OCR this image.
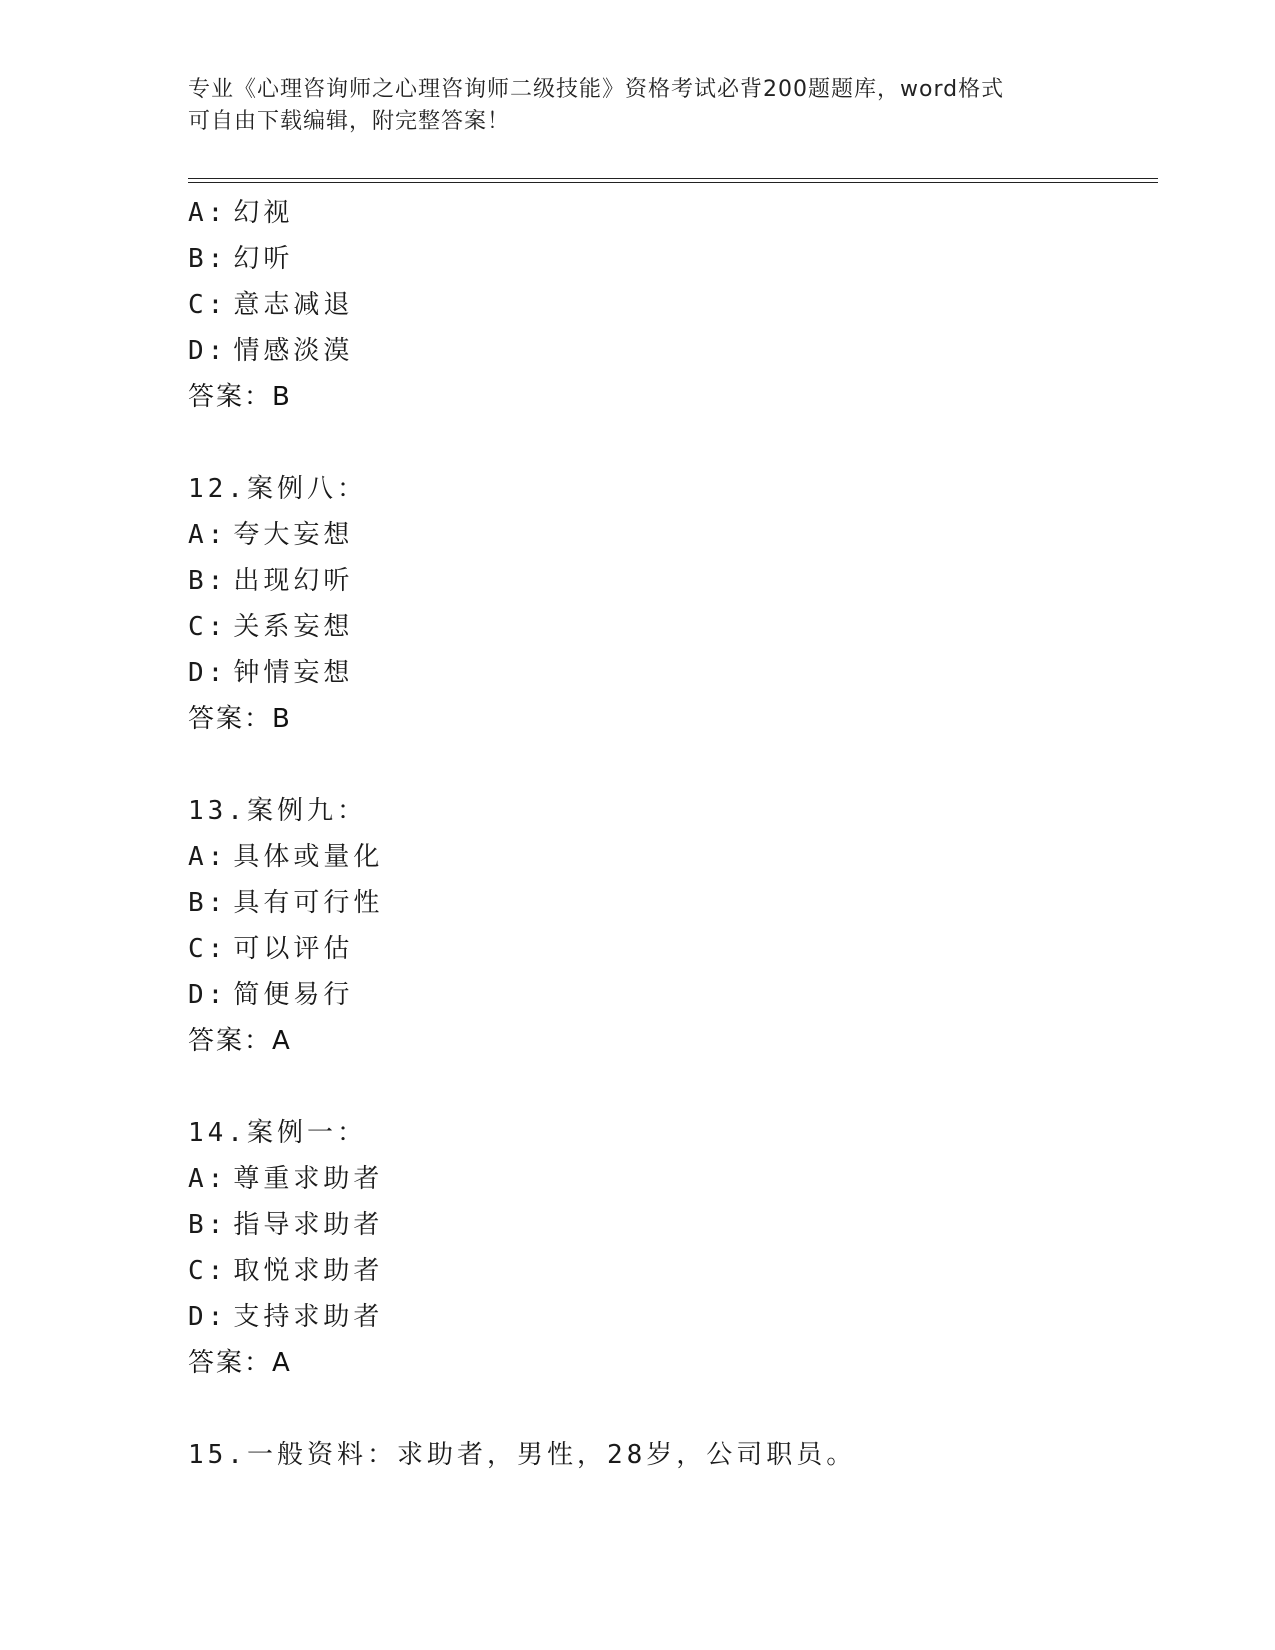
专业《心理咨询师之心理咨询师二级技能》资格考试必背200题题库，word格式
可自由下载编辑，附完整答案！
A: 幻视
B: 幻听
C: 意志减退
D: 情感淡漠
答案：B
12.案例八：
A: 夸大妄想
B: 出现幻听
C: 关系妄想
D: 钟情妄想
答案：B
13.案例九：
A: 具体或量化
B: 具有可行性
C: 可以评估
D: 简便易行
答案：A
14.案例一：
A: 尊重求助者
B: 指导求助者
C: 取悦求助者
D: 支持求助者
答案：A
15.一般资料：求助者，男性，28岁，公司职员。
